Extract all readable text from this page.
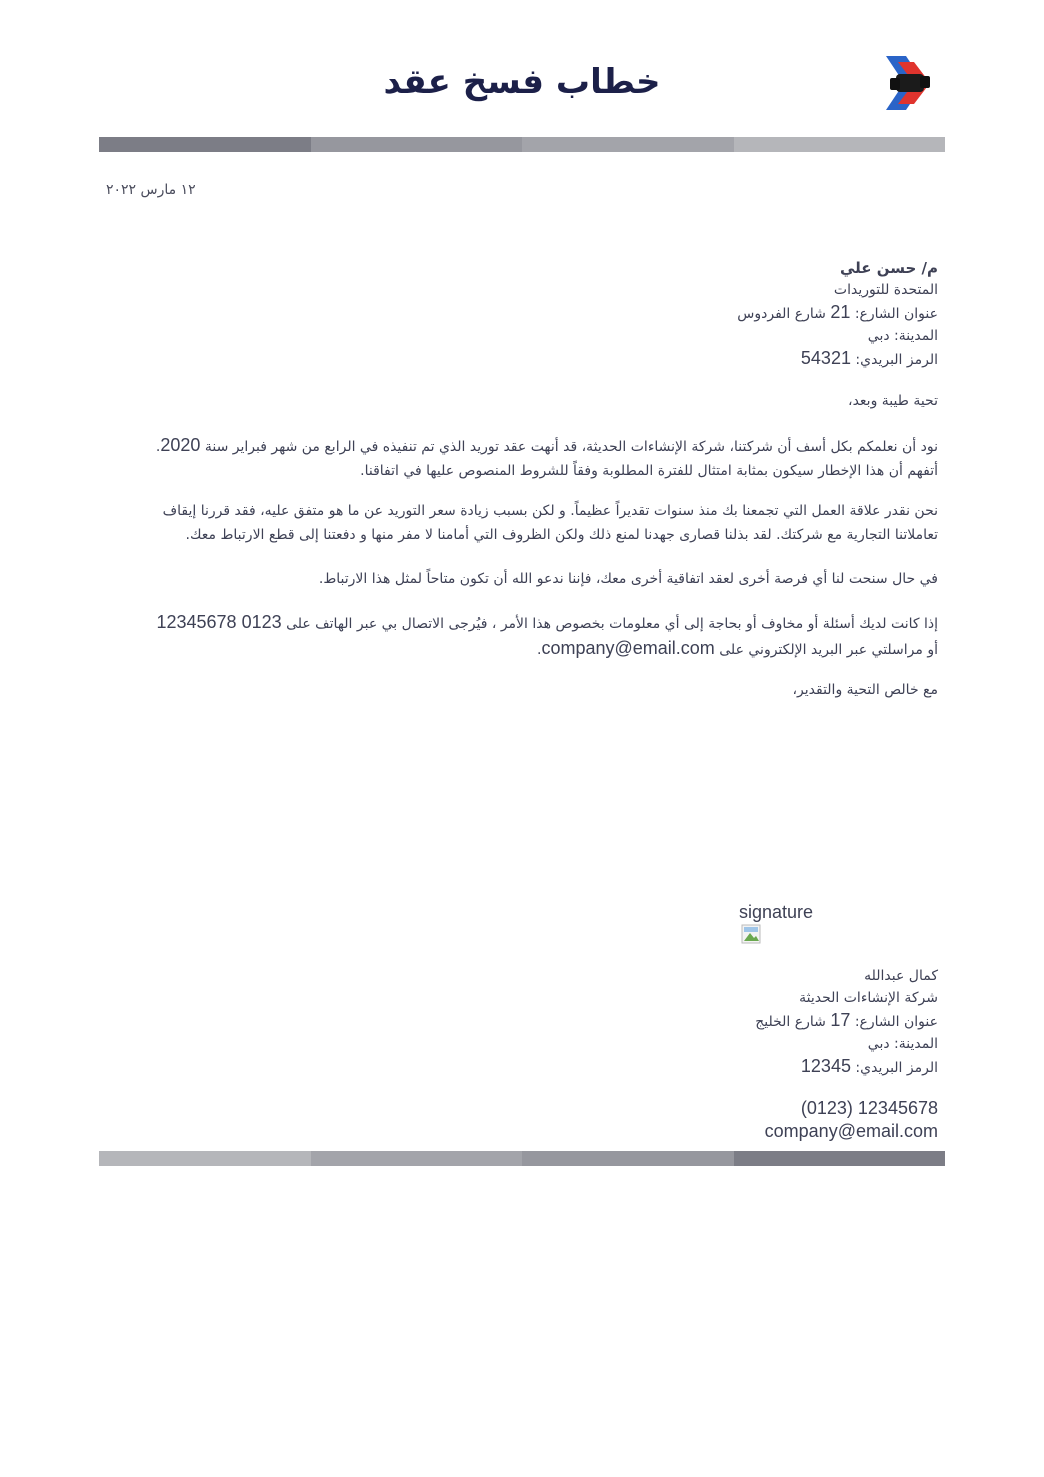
خطاب فسخ عقد
١٢ مارس ٢٠٢٢
م/ حسن علي
المتحدة للتوريدات
عنوان الشارع: 21 شارع الفردوس
المدينة: دبي
الرمز البريدي: 54321
تحية طيبة وبعد،
نود أن نعلمكم بكل أسف أن شركتنا، شركة الإنشاءات الحديثة، قد أنهت عقد توريد الذي تم تنفيذه في الرابع من شهر فبراير سنة 2020. أتفهم أن هذا الإخطار سيكون بمثابة امتثال للفترة المطلوبة وفقاً للشروط المنصوص عليها في اتفاقنا.
نحن نقدر علاقة العمل التي تجمعنا بك منذ سنوات تقديراً عظيماً. و لكن بسبب زيادة سعر التوريد عن ما هو متفق عليه، فقد قررنا إيقاف تعاملاتنا التجارية مع شركتك. لقد بذلنا قصارى جهدنا لمنع ذلك ولكن الظروف التي أمامنا لا مفر منها و دفعتنا إلى قطع الارتباط معك.
في حال سنحت لنا أي فرصة أخرى لعقد اتفاقية أخرى معك، فإننا ندعو الله أن تكون متاحاً لمثل هذا الارتباط.
إذا كانت لديك أسئلة أو مخاوف أو بحاجة إلى أي معلومات بخصوص هذا الأمر ، فيُرجى الاتصال بي عبر الهاتف على 0123 12345678
أو مراسلتي عبر البريد الإلكتروني على company@email.com.
مع خالص التحية والتقدير،
signature
كمال عبدالله
شركة الإنشاءات الحديثة
عنوان الشارع: 17 شارع الخليج
المدينة: دبي
الرمز البريدي: 12345
(0123) 12345678
company@email.com
